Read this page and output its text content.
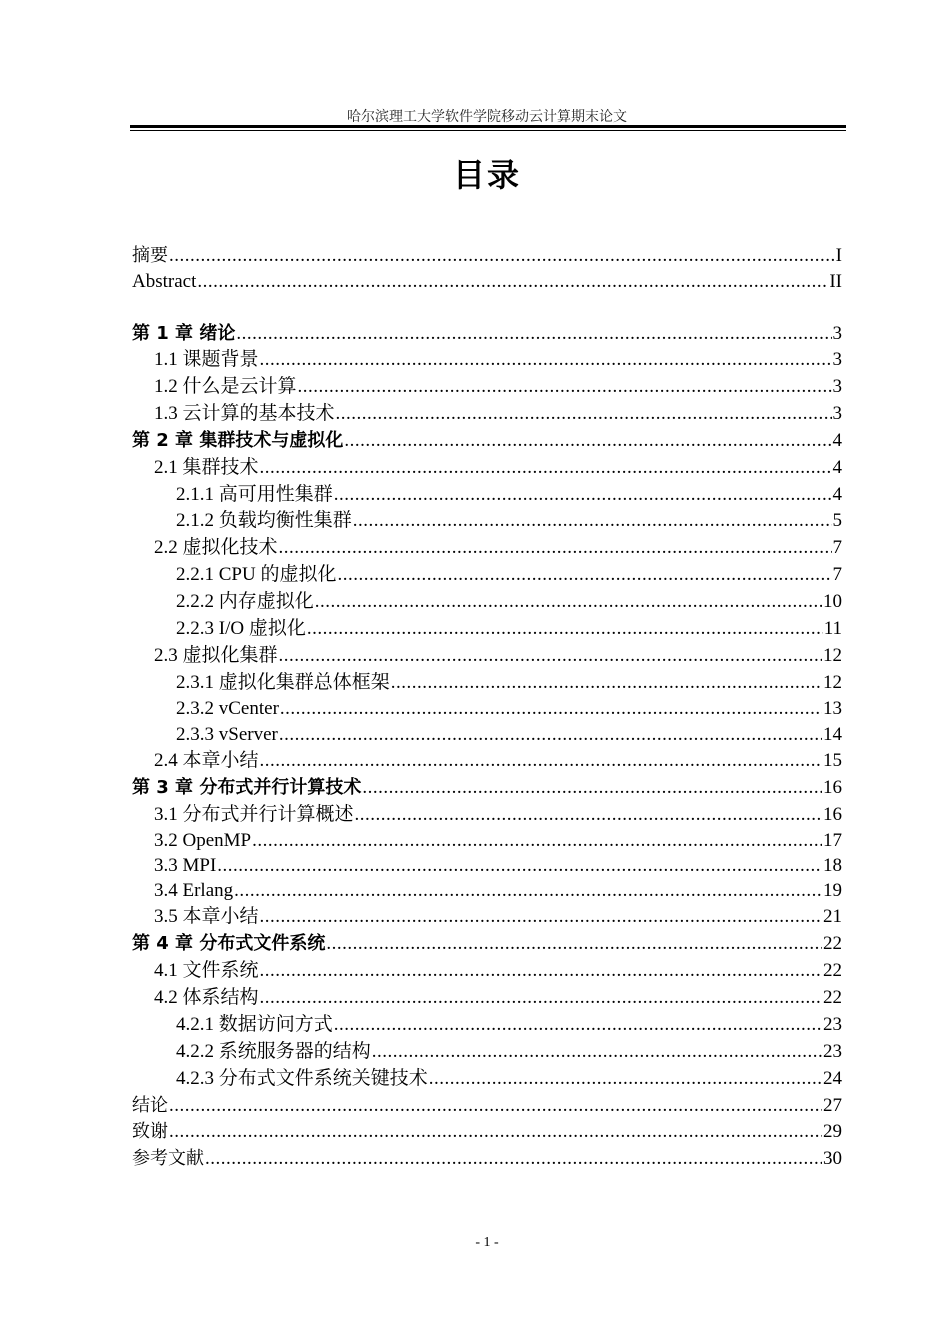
哈尔滨理工大学软件学院移动云计算期末论文
目录
摘要 .....	I
Abstract .....	II
第 1 章 绪论 .....	3
1.1 课题背景 .....	3
1.2 什么是云计算 .....	3
1.3 云计算的基本技术 .....	3
第 2 章 集群技术与虚拟化 .....	4
2.1 集群技术 .....	4
2.1.1 高可用性集群 .....	4
2.1.2 负载均衡性集群 .....	5
2.2 虚拟化技术 .....	7
2.2.1 CPU 的虚拟化 .....	7
2.2.2 内存虚拟化 .....	10
2.2.3 I/O 虚拟化 .....	11
2.3 虚拟化集群 .....	12
2.3.1 虚拟化集群总体框架 .....	12
2.3.2 vCenter .....	13
2.3.3 vServer .....	14
2.4 本章小结 .....	15
第 3 章 分布式并行计算技术 .....	16
3.1 分布式并行计算概述 .....	16
3.2 OpenMP .....	17
3.3 MPI .....	18
3.4 Erlang .....	19
3.5 本章小结 .....	21
第 4 章 分布式文件系统 .....	22
4.1 文件系统 .....	22
4.2 体系结构 .....	22
4.2.1 数据访问方式 .....	23
4.2.2 系统服务器的结构 .....	23
4.2.3 分布式文件系统关键技术 .....	24
结论 .....	27
致谢 .....	29
参考文献 .....	30
- 1 -
